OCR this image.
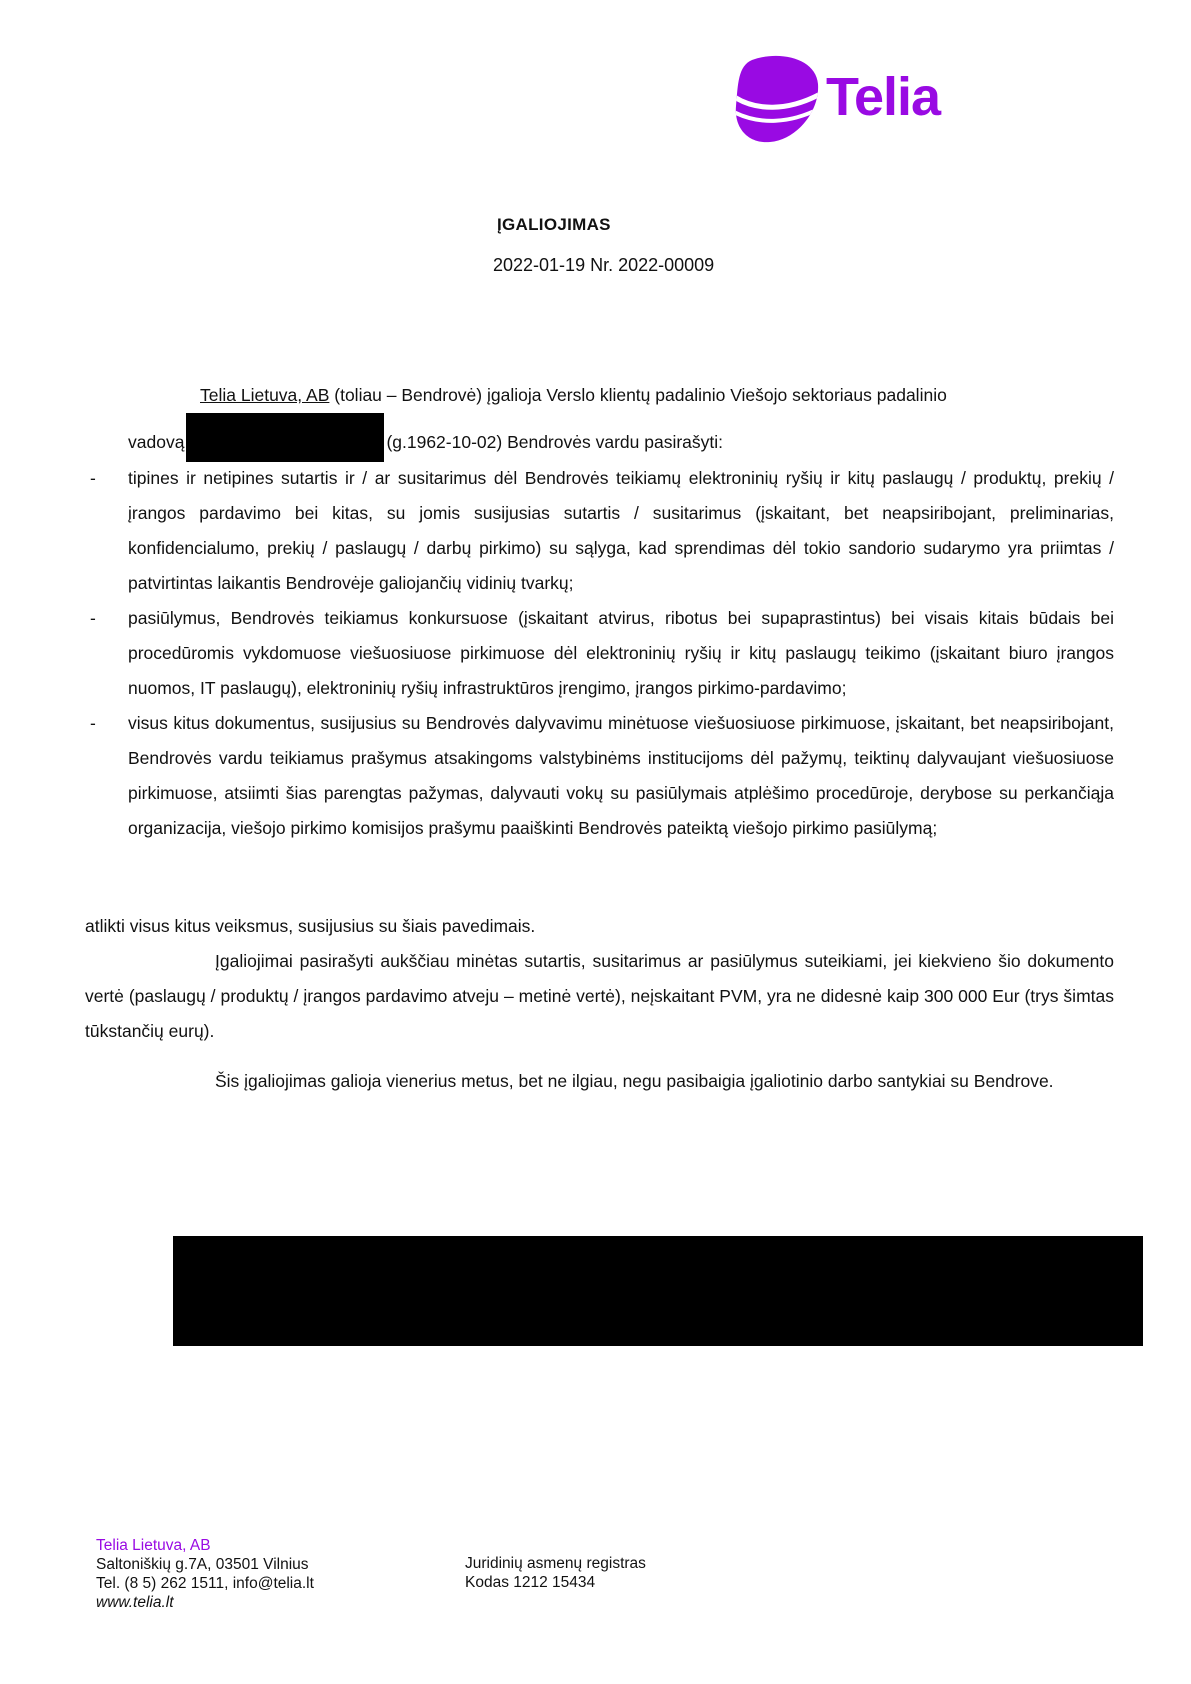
Telia
ĮGALIOJIMAS
2022-01-19 Nr. 2022-00009
Telia Lietuva, AB (toliau – Bendrovė) įgalioja Verslo klientų padalinio Viešojo sektoriaus padalinio
vadovą	(g.1962-10-02) Bendrovės vardu pasirašyti:
- tipines ir netipines sutartis ir / ar susitarimus dėl Bendrovės teikiamų elektroninių ryšių ir kitų paslaugų / produktų, prekių / įrangos pardavimo bei kitas, su jomis susijusias sutartis / susitarimus (įskaitant, bet neapsiribojant, preliminarias, konfidencialumo, prekių / paslaugų / darbų pirkimo) su sąlyga, kad sprendimas dėl tokio sandorio sudarymo yra priimtas / patvirtintas laikantis Bendrovėje galiojančių vidinių tvarkų;
- pasiūlymus, Bendrovės teikiamus konkursuose (įskaitant atvirus, ribotus bei supaprastintus) bei visais kitais būdais bei procedūromis vykdomuose viešuosiuose pirkimuose dėl elektroninių ryšių ir kitų paslaugų teikimo (įskaitant biuro įrangos nuomos, IT paslaugų), elektroninių ryšių infrastruktūros įrengimo, įrangos pirkimo-pardavimo;
- visus kitus dokumentus, susijusius su Bendrovės dalyvavimu minėtuose viešuosiuose pirkimuose, įskaitant, bet neapsiribojant, Bendrovės vardu teikiamus prašymus atsakingoms valstybinėms institucijoms dėl pažymų, teiktinų dalyvaujant viešuosiuose pirkimuose, atsiimti šias parengtas pažymas, dalyvauti vokų su pasiūlymais atplėšimo procedūroje, derybose su perkančiąja organizacija, viešojo pirkimo komisijos prašymu paaiškinti Bendrovės pateiktą viešojo pirkimo pasiūlymą;
atlikti visus kitus veiksmus, susijusius su šiais pavedimais.
Įgaliojimai pasirašyti aukščiau minėtas sutartis, susitarimus ar pasiūlymus suteikiami, jei kiekvieno šio dokumento vertė (paslaugų / produktų / įrangos pardavimo atveju – metinė vertė), neįskaitant PVM, yra ne didesnė kaip 300 000 Eur (trys šimtas tūkstančių eurų).
Šis įgaliojimas galioja vienerius metus, bet ne ilgiau, negu pasibaigia įgaliotinio darbo santykiai su Bendrove.
Telia Lietuva, AB
Saltoniškių g.7A, 03501 Vilnius
Tel. (8 5) 262 1511, info@telia.lt
www.telia.lt
Juridinių asmenų registras
Kodas 1212 15434
